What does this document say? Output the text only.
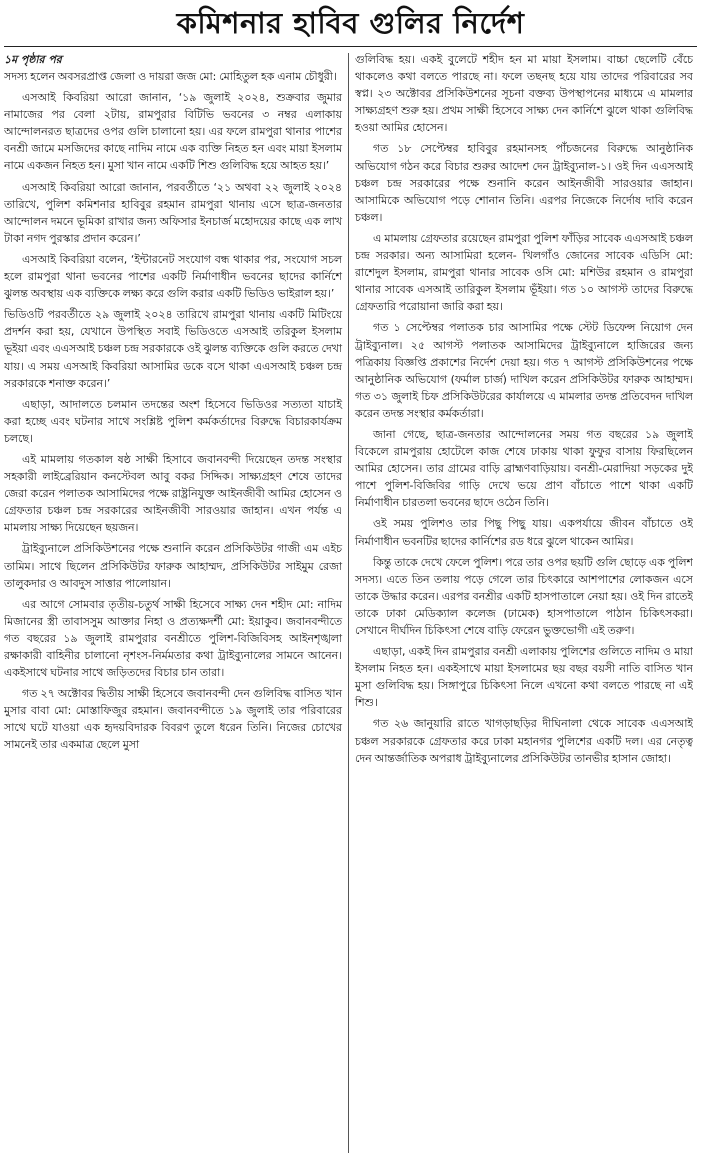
কমিশনার হাবিব গুলির নির্দেশ

১ম পৃষ্ঠার পর

সদস্য হলেন অবসরপ্রাপ্ত জেলা ও দায়রা জজ মো: মোহিতুল হক এনাম চৌধুরী।

এসআই কিবরিয়া আরো জানান, ‘১৯ জুলাই ২০২৪, শুক্রবার জুমার নামাজের পর বেলা ২টায়, রামপুরার বিটিভি ভবনের ৩ নম্বর এলাকায় আন্দোলনরত ছাত্রদের ওপর গুলি চালানো হয়। এর ফলে রামপুরা থানার পাশের বনশ্রী জামে মসজিদের কাছে নাদিম নামে এক ব্যক্তি নিহত হন এবং মায়া ইসলাম নামে একজন নিহত হন। মুসা খান নামে একটি শিশু গুলিবিদ্ধ হয়ে আহত হয়।’

এসআই কিবরিয়া আরো জানান, পরবর্তীতে ‘২১ অথবা ২২ জুলাই ২০২৪ তারিখে, পুলিশ কমিশনার হাবিবুর রহমান রামপুরা থানায় এসে ছাত্র-জনতার আন্দোলন দমনে ভূমিকা রাখার জন্য অফিসার ইনচার্জ মহোদয়ের কাছে এক লাখ টাকা নগদ পুরস্কার প্রদান করেন।’

এসআই কিবরিয়া বলেন, ‘ইন্টারনেট সংযোগ বন্ধ থাকার পর, সংযোগ সচল হলে রামপুরা থানা ভবনের পাশের একটি নির্মাণাধীন ভবনের ছাদের কার্নিশে ঝুলন্ত অবস্থায় এক ব্যক্তিকে লক্ষ্য করে গুলি করার একটি ভিডিও ভাইরাল হয়।’

ভিডিওটি পরবর্তীতে ২৯ জুলাই ২০২৪ তারিখে রামপুরা থানায় একটি মিটিংয়ে প্রদর্শন করা হয়, যেখানে উপস্থিত সবাই ভিডিওতে এসআই তরিকুল ইসলাম ভূইয়া এবং এএসআই চঞ্চল চন্দ্র সরকারকে ওই ঝুলন্ত ব্যক্তিকে গুলি করতে দেখা যায়। এ সময় এসআই কিবরিয়া আসামির ডকে বসে থাকা এএসআই চঞ্চল চন্দ্র সরকারকে শনাক্ত করেন।’

এছাড়া, আদালতে চলমান তদন্তের অংশ হিসেবে ভিডিওর সত্যতা যাচাই করা হচ্ছে এবং ঘটনার সাথে সংশ্লিষ্ট পুলিশ কর্মকর্তাদের বিরুদ্ধে বিচারকার্যক্রম চলছে।

এই মামলায় গতকাল ষষ্ঠ সাক্ষী হিসাবে জবানবন্দী দিয়েছেন তদন্ত সংস্থার সহকারী লাইব্রেরিয়ান কনস্টেবল আবু বকর সিদ্দিক। সাক্ষ্যগ্রহণ শেষে তাদের জেরা করেন পলাতক আসামিদের পক্ষে রাষ্ট্রনিযুক্ত আইনজীবী আমির হোসেন ও গ্রেফতার চঞ্চল চন্দ্র সরকারের আইনজীবী সারওয়ার জাহান। এখন পর্যন্ত এ মামলায় সাক্ষ্য দিয়েছেন ছয়জন।

ট্রাইব্যুনালে প্রসিকিউশনের পক্ষে শুনানি করেন প্রসিকিউটর গাজী এম এইচ তামিম। সাথে ছিলেন প্রসিকিউটর ফারুক আহাম্মদ, প্রসিকিউটর সাইমুম রেজা তালুকদার ও আবদুস সাত্তার পালোয়ান।

এর আগে সোমবার তৃতীয়-চতুর্থ সাক্ষী হিসেবে সাক্ষ্য দেন শহীদ মো: নাদিম মিজানের স্ত্রী তাবাসসুম আক্তার নিহা ও প্রত্যক্ষদর্শী মো: ইয়াকুব। জবানবন্দীতে গত বছরের ১৯ জুলাই রামপুরার বনশ্রীতে পুলিশ-বিজিবিসহ আইনশৃঙ্খলা রক্ষাকারী বাহিনীর চালানো নৃশংস-নির্মমতার কথা ট্রাইব্যুনালের সামনে আনেন। একইসাথে ঘটনার সাথে জড়িতদের বিচার চান তারা।

গত ২৭ অক্টোবর দ্বিতীয় সাক্ষী হিসেবে জবানবন্দী দেন গুলিবিদ্ধ বাসিত খান মুসার বাবা মো: মোস্তাফিজুর রহমান। জবানবন্দীতে ১৯ জুলাই তার পরিবারের সাথে ঘটে যাওয়া এক হৃদয়বিদারক বিবরণ তুলে ধরেন তিনি। নিজের চোখের সামনেই তার একমাত্র ছেলে মুসা

গুলিবিদ্ধ হয়। একই বুলেটে শহীদ হন মা মায়া ইসলাম। বাচ্চা ছেলেটি বেঁচে থাকলেও কথা বলতে পারছে না। ফলে তছনছ হয়ে যায় তাদের পরিবারের সব স্বপ্ন। ২৩ অক্টোবর প্রসিকিউশনের সূচনা বক্তব্য উপস্থাপনের মাধ্যমে এ মামলার সাক্ষ্যগ্রহণ শুরু হয়। প্রথম সাক্ষী হিসেবে সাক্ষ্য দেন কার্নিশে ঝুলে থাকা গুলিবিদ্ধ হওয়া আমির হোসেন।

গত ১৮ সেপ্টেম্বর হাবিবুর রহমানসহ পাঁচজনের বিরুদ্ধে আনুষ্ঠানিক অভিযোগ গঠন করে বিচার শুরুর আদেশ দেন ট্রাইব্যুনাল-১। ওই দিন এএসআই চঞ্চল চন্দ্র সরকারের পক্ষে শুনানি করেন আইনজীবী সারওয়ার জাহান। আসামিকে অভিযোগ পড়ে শোনান তিনি। এরপর নিজেকে নির্দোষ দাবি করেন চঞ্চল।

এ মামলায় গ্রেফতার রয়েছেন রামপুরা পুলিশ ফাঁড়ির সাবেক এএসআই চঞ্চল চন্দ্র সরকার। অন্য আসামিরা হলেন- খিলগাঁও জোনের সাবেক এডিসি মো: রাশেদুল ইসলাম, রামপুরা থানার সাবেক ওসি মো: মশিউর রহমান ও রামপুরা থানার সাবেক এসআই তারিকুল ইসলাম ভূঁইয়া। গত ১০ আগস্ট তাদের বিরুদ্ধে গ্রেফতারি পরোয়ানা জারি করা হয়।

গত ১ সেপ্টেম্বর পলাতক চার আসামির পক্ষে স্টেট ডিফেন্স নিয়োগ দেন ট্রাইব্যুনাল। ২৫ আগস্ট পলাতক আসামিদের ট্রাইব্যুনালে হাজিরের জন্য পত্রিকায় বিজ্ঞপ্তি প্রকাশের নির্দেশ দেয়া হয়। গত ৭ আগস্ট প্রসিকিউশনের পক্ষে আনুষ্ঠানিক অভিযোগ (ফর্মাল চার্জ) দাখিল করেন প্রসিকিউটর ফারুক আহাম্মদ। গত ৩১ জুলাই চিফ প্রসিকিউটরের কার্যালয়ে এ মামলার তদন্ত প্রতিবেদন দাখিল করেন তদন্ত সংস্থার কর্মকর্তারা।

জানা গেছে, ছাত্র-জনতার আন্দোলনের সময় গত বছরের ১৯ জুলাই বিকেলে রামপুরায় হোটেলে কাজ শেষে ঢাকায় থাকা ফুফুর বাসায় ফিরছিলেন আমির হোসেন। তার গ্রামের বাড়ি ব্রাহ্মণবাড়িয়ায়। বনশ্রী-মেরাদিয়া সড়কের দুই পাশে পুলিশ-বিজিবির গাড়ি দেখে ভয়ে প্রাণ বাঁচাতে পাশে থাকা একটি নির্মাণাধীন চারতলা ভবনের ছাদে ওঠেন তিনি।

ওই সময় পুলিশও তার পিছু পিছু যায়। একপর্যায়ে জীবন বাঁচাতে ওই নির্মাণাধীন ভবনটির ছাদের কার্নিশের রড ধরে ঝুলে থাকেন আমির।

কিন্তু তাকে দেখে ফেলে পুলিশ। পরে তার ওপর ছয়টি গুলি ছোড়ে এক পুলিশ সদস্য। এতে তিন তলায় পড়ে গেলে তার চিৎকারে আশপাশের লোকজন এসে তাকে উদ্ধার করেন। এরপর বনশ্রীর একটি হাসপাতালে নেয়া হয়। ওই দিন রাতেই তাকে ঢাকা মেডিক্যাল কলেজ (ঢামেক) হাসপাতালে পাঠান চিকিৎসকরা। সেখানে দীর্ঘদিন চিকিৎসা শেষে বাড়ি ফেরেন ভুক্তভোগী এই তরুণ।

এছাড়া, একই দিন রামপুরার বনশ্রী এলাকায় পুলিশের গুলিতে নাদিম ও মায়া ইসলাম নিহত হন। একইসাথে মায়া ইসলামের ছয় বছর বয়সী নাতি বাসিত খান মুসা গুলিবিদ্ধ হয়। সিঙ্গাপুরে চিকিৎসা নিলে এখনো কথা বলতে পারছে না এই শিশু।

গত ২৬ জানুয়ারি রাতে খাগড়াছড়ির দীঘিনালা থেকে সাবেক এএসআই চঞ্চল সরকারকে গ্রেফতার করে ঢাকা মহানগর পুলিশের একটি দল। এর নেতৃত্ব দেন আন্তর্জাতিক অপরাধ ট্রাইব্যুনালের প্রসিকিউটর তানভীর হাসান জোহা।
